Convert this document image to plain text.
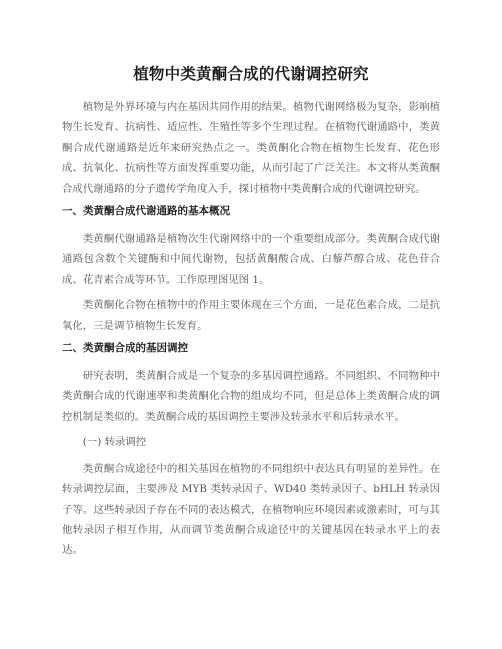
植物中类黄酮合成的代谢调控研究

植物是外界环境与内在基因共同作用的结果。植物代谢网络极为复杂，影响植物生长发育、抗病性、适应性、生殖性等多个生理过程。在植物代谢通路中，类黄酮合成代谢通路是近年来研究热点之一。类黄酮化合物在植物生长发育、花色形成、抗氧化、抗病性等方面发挥重要功能，从而引起了广泛关注。本文将从类黄酮合成代谢通路的分子遗传学角度入手，探讨植物中类黄酮合成的代谢调控研究。

一、类黄酮合成代谢通路的基本概况

类黄酮代谢通路是植物次生代谢网络中的一个重要组成部分。类黄酮合成代谢通路包含数个关键酶和中间代谢物，包括黄酮酸合成、白藜芦醇合成、花色苷合成、花青素合成等环节。工作原理图见图 1。

类黄酮化合物在植物中的作用主要体现在三个方面，一是花色素合成，二是抗氧化，三是调节植物生长发育。

二、类黄酮合成的基因调控

研究表明，类黄酮合成是一个复杂的多基因调控通路。不同组织、不同物种中类黄酮合成的代谢速率和类黄酮化合物的组成均不同，但是总体上类黄酮合成的调控机制是类似的。类黄酮合成的基因调控主要涉及转录水平和后转录水平。

(一) 转录调控

类黄酮合成途径中的相关基因在植物的不同组织中表达具有明显的差异性。在转录调控层面，主要涉及 MYB 类转录因子、WD40 类转录因子、bHLH 转录因子等。这些转录因子存在不同的表达模式，在植物响应环境因素或激素时，可与其他转录因子相互作用，从而调节类黄酮合成途径中的关键基因在转录水平上的表达。
